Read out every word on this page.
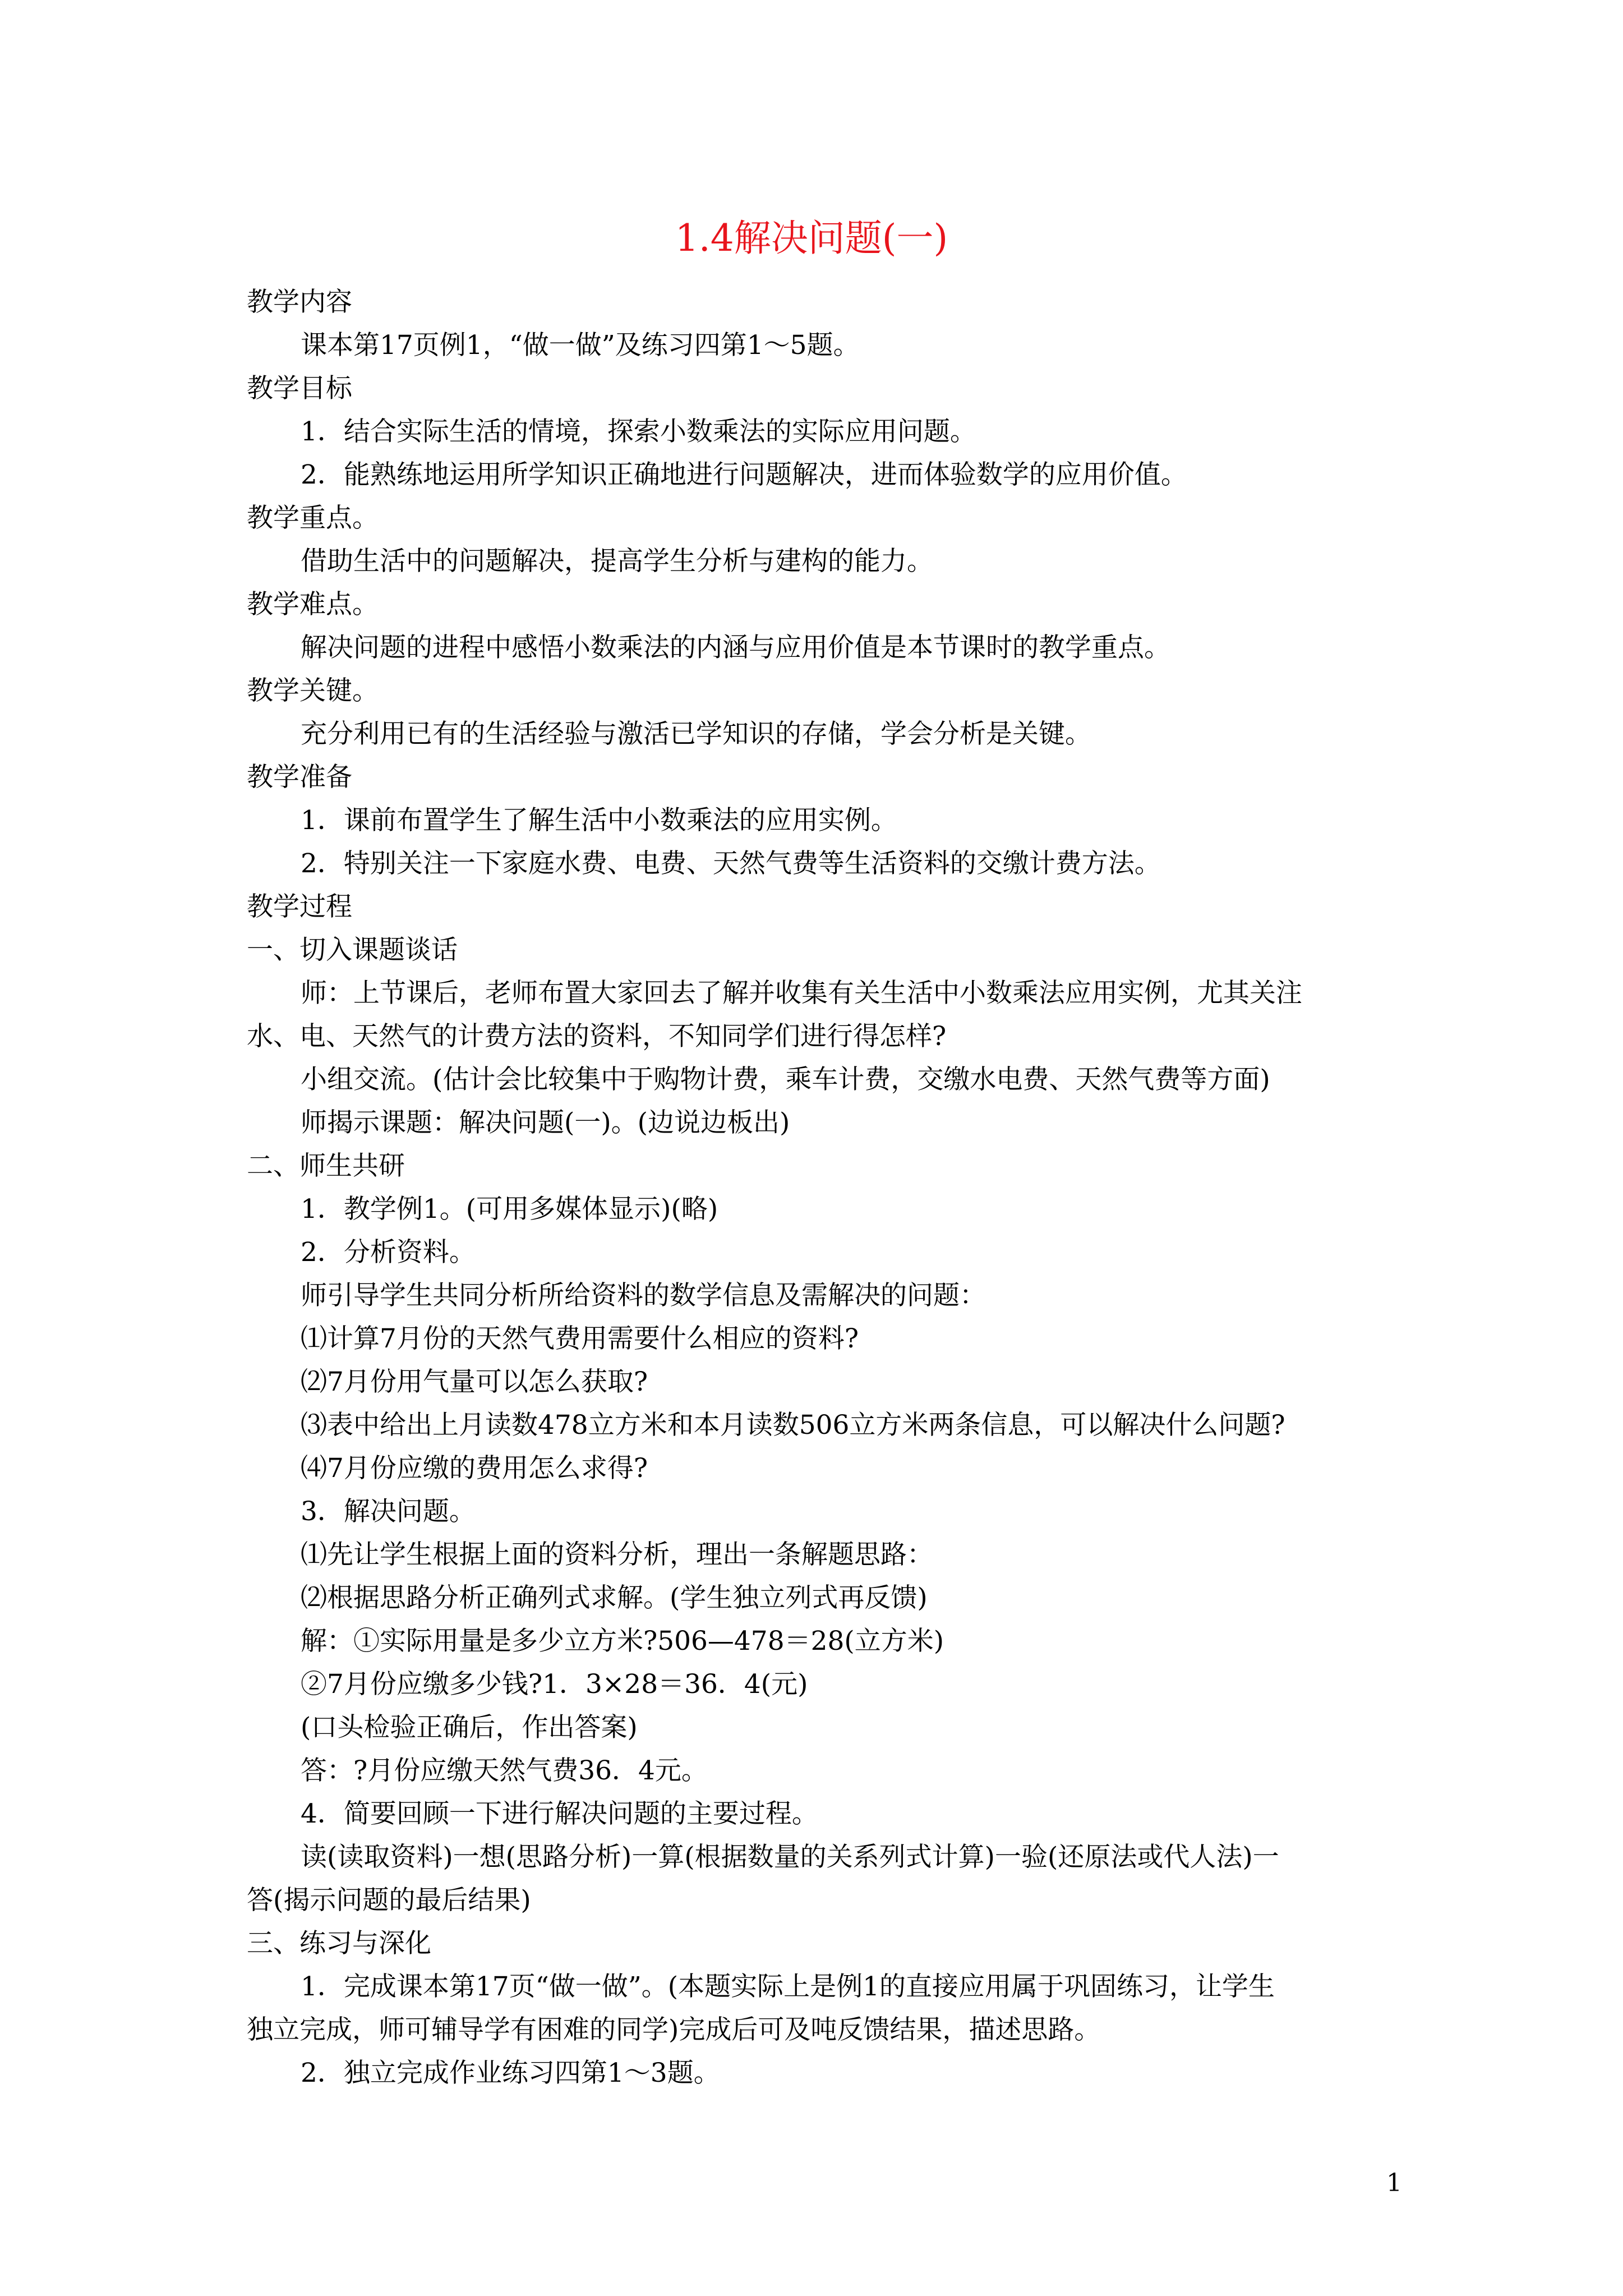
1.4解决问题(一)
教学内容
课本第17页例1，“做一做”及练习四第1～5题。
教学目标
1．结合实际生活的情境，探索小数乘法的实际应用问题。
2．能熟练地运用所学知识正确地进行问题解决，进而体验数学的应用价值。
教学重点。
借助生活中的问题解决，提高学生分析与建构的能力。
教学难点。
解决问题的进程中感悟小数乘法的内涵与应用价值是本节课时的教学重点。
教学关键。
充分利用已有的生活经验与激活已学知识的存储，学会分析是关键。
教学准备
1．课前布置学生了解生活中小数乘法的应用实例。
2．特别关注一下家庭水费、电费、天然气费等生活资料的交缴计费方法。
教学过程
一、切入课题谈话
师：上节课后，老师布置大家回去了解并收集有关生活中小数乘法应用实例，尤其关注
水、电、天然气的计费方法的资料，不知同学们进行得怎样?
小组交流。(估计会比较集中于购物计费，乘车计费，交缴水电费、天然气费等方面)
师揭示课题：解决问题(一)。(边说边板出)
二、师生共研
1．教学例1。(可用多媒体显示)(略)
2．分析资料。
师引导学生共同分析所给资料的数学信息及需解决的问题：
⑴计算7月份的天然气费用需要什么相应的资料?
⑵7月份用气量可以怎么获取?
⑶表中给出上月读数478立方米和本月读数506立方米两条信息，可以解决什么问题?
⑷7月份应缴的费用怎么求得?
3．解决问题。
⑴先让学生根据上面的资料分析，理出一条解题思路：
⑵根据思路分析正确列式求解。(学生独立列式再反馈)
解：①实际用量是多少立方米?506—478＝28(立方米)
②7月份应缴多少钱?1．3×28＝36．4(元)
(口头检验正确后，作出答案)
答：?月份应缴天然气费36．4元。
4．简要回顾一下进行解决问题的主要过程。
读(读取资料)一想(思路分析)一算(根据数量的关系列式计算)一验(还原法或代人法)一
答(揭示问题的最后结果)
三、练习与深化
1．完成课本第17页“做一做”。(本题实际上是例1的直接应用属于巩固练习，让学生
独立完成，师可辅导学有困难的同学)完成后可及吨反馈结果，描述思路。
2．独立完成作业练习四第1～3题。
1
